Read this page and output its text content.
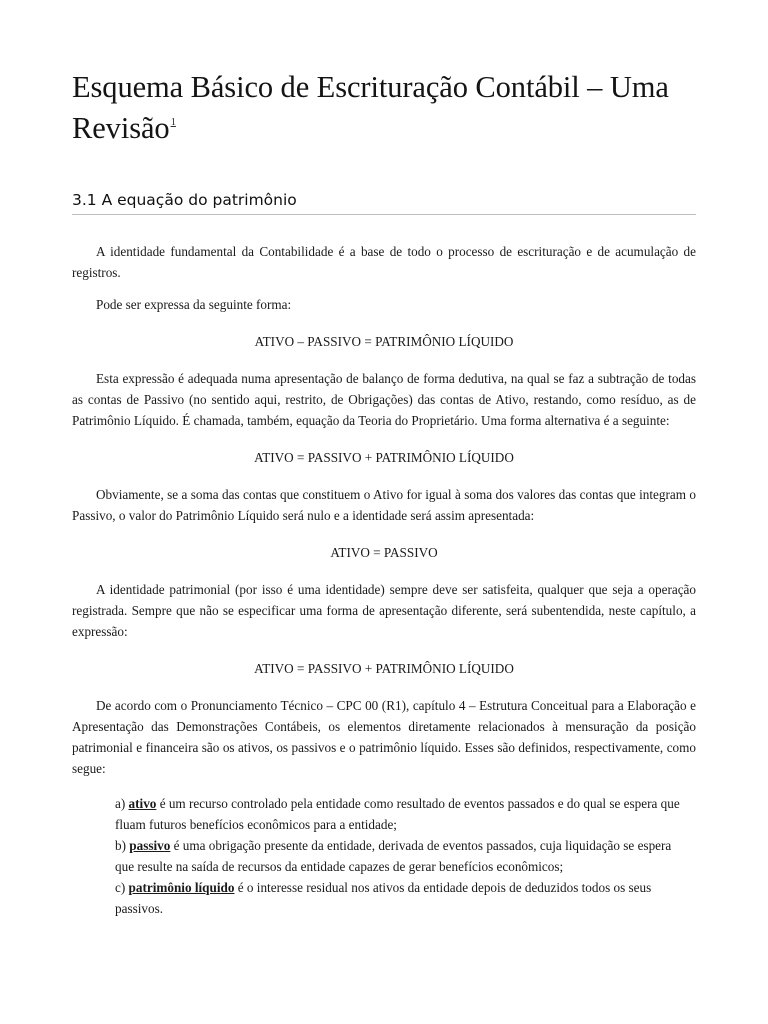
Esquema Básico de Escrituração Contábil – Uma Revisão$^1$
3.1 A equação do patrimônio

A identidade fundamental da Contabilidade é a base de todo o processo de escrituração e de acumulação de registros.

Pode ser expressa da seguinte forma:

ATIVO – PASSIVO = PATRIMÔNIO LÍQUIDO

Esta expressão é adequada numa apresentação de balanço de forma dedutiva, na qual se faz a subtração de todas as contas de Passivo (no sentido aqui, restrito, de Obrigações) das contas de Ativo, restando, como resíduo, as de Patrimônio Líquido. É chamada, também, equação da Teoria do Proprietário. Uma forma alternativa é a seguinte:

ATIVO = PASSIVO + PATRIMÔNIO LÍQUIDO

Obviamente, se a soma das contas que constituem o Ativo for igual à soma dos valores das contas que integram o Passivo, o valor do Patrimônio Líquido será nulo e a identidade será assim apresentada:

ATIVO = PASSIVO

A identidade patrimonial (por isso é uma identidade) sempre deve ser satisfeita, qualquer que seja a operação registrada. Sempre que não se especificar uma forma de apresentação diferente, será subentendida, neste capítulo, a expressão:

ATIVO = PASSIVO + PATRIMÔNIO LÍQUIDO

De acordo com o Pronunciamento Técnico – CPC 00 (R1), capítulo 4 – Estrutura Conceitual para a Elaboração e Apresentação das Demonstrações Contábeis, os elementos diretamente relacionados à mensuração da posição patrimonial e financeira são os ativos, os passivos e o patrimônio líquido. Esses são definidos, respectivamente, como segue:

a) ativo é um recurso controlado pela entidade como resultado de eventos passados e do qual se espera que fluam futuros benefícios econômicos para a entidade;
b) passivo é uma obrigação presente da entidade, derivada de eventos passados, cuja liquidação se espera que resulte na saída de recursos da entidade capazes de gerar benefícios econômicos;
c) patrimônio líquido é o interesse residual nos ativos da entidade depois de deduzidos todos os seus passivos.
